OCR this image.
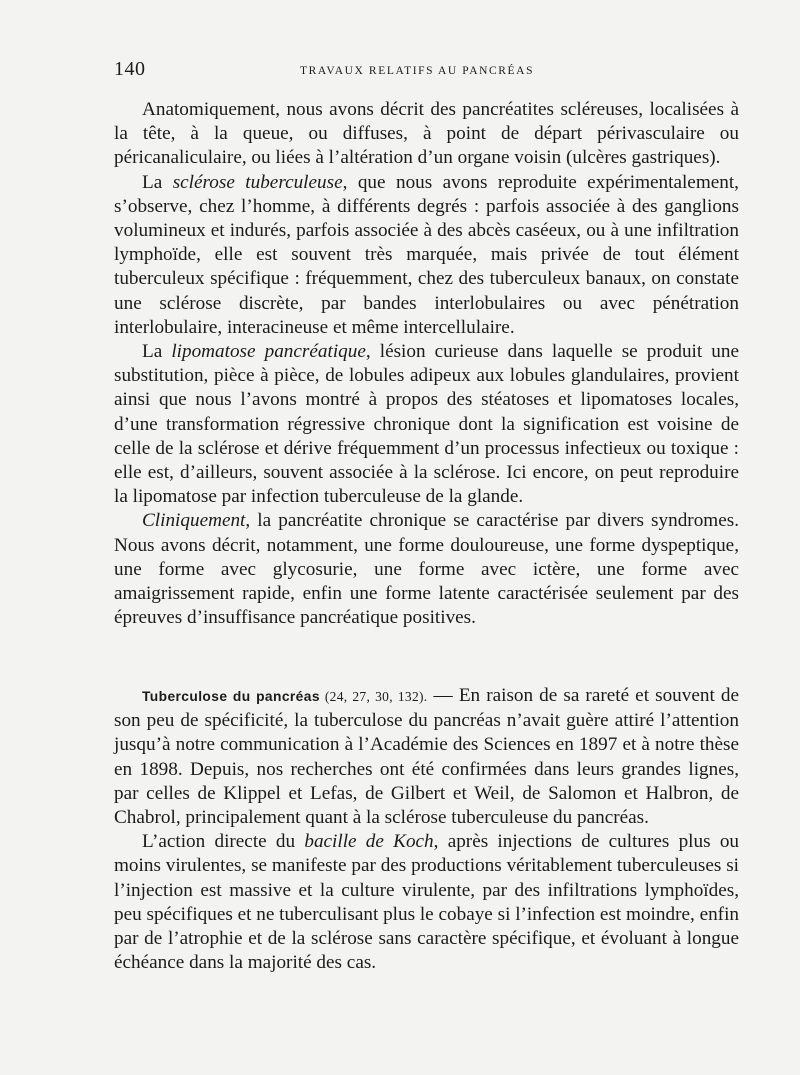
140	TRAVAUX RELATIFS AU PANCRÉAS

Anatomiquement, nous avons décrit des pancréatites scléreuses, localisées à la tête, à la queue, ou diffuses, à point de départ périvasculaire ou péricanaliculaire, ou liées à l’altération d’un organe voisin (ulcères gastriques).

La sclérose tuberculeuse, que nous avons reproduite expérimentalement, s’observe, chez l’homme, à différents degrés : parfois associée à des ganglions volumineux et indurés, parfois associée à des abcès caséeux, ou à une infiltration lymphoïde, elle est souvent très marquée, mais privée de tout élément tuberculeux spécifique : fréquemment, chez des tuberculeux banaux, on constate une sclérose discrète, par bandes interlobulaires ou avec pénétration interlobulaire, interacineuse et même intercellulaire.

La lipomatose pancréatique, lésion curieuse dans laquelle se produit une substitution, pièce à pièce, de lobules adipeux aux lobules glandulaires, provient ainsi que nous l’avons montré à propos des stéatoses et lipomatoses locales, d’une transformation régressive chronique dont la signification est voisine de celle de la sclérose et dérive fréquemment d’un processus infectieux ou toxique : elle est, d’ailleurs, souvent associée à la sclérose. Ici encore, on peut reproduire la lipomatose par infection tuberculeuse de la glande.

Cliniquement, la pancréatite chronique se caractérise par divers syndromes. Nous avons décrit, notamment, une forme douloureuse, une forme dyspeptique, une forme avec glycosurie, une forme avec ictère, une forme avec amaigrissement rapide, enfin une forme latente caractérisée seulement par des épreuves d’insuffisance pancréatique positives.

Tuberculose du pancréas (24, 27, 30, 132). — En raison de sa rareté et souvent de son peu de spécificité, la tuberculose du pancréas n’avait guère attiré l’attention jusqu’à notre communication à l’Académie des Sciences en 1897 et à notre thèse en 1898. Depuis, nos recherches ont été confirmées dans leurs grandes lignes, par celles de Klippel et Lefas, de Gilbert et Weil, de Salomon et Halbron, de Chabrol, principalement quant à la sclérose tuberculeuse du pancréas.

L’action directe du bacille de Koch, après injections de cultures plus ou moins virulentes, se manifeste par des productions véritablement tuberculeuses si l’injection est massive et la culture virulente, par des infiltrations lymphoïdes, peu spécifiques et ne tuberculisant plus le cobaye si l’infection est moindre, enfin par de l’atrophie et de la sclérose sans caractère spécifique, et évoluant à longue échéance dans la majorité des cas.
